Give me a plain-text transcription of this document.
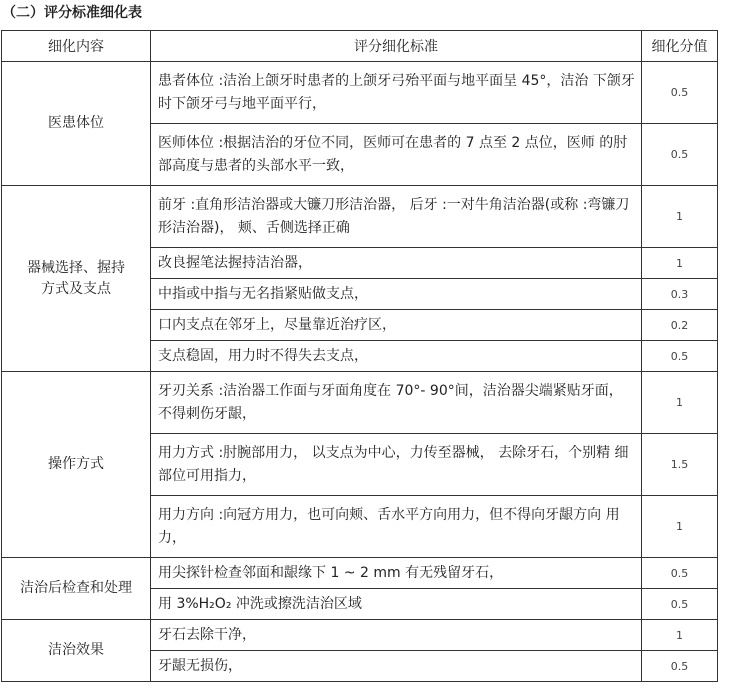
（二）评分标准细化表
细化内容	评分细化标准	细化分值
医患体位	患者体位 :洁治上颌牙时患者的上颌牙弓殆平面与地平面呈 45°，洁治 下颌牙时下颌牙弓与地平面平行，	0.5
	医师体位 :根据洁治的牙位不同，医师可在患者的 7 点至 2 点位，医师 的肘部高度与患者的头部水平一致，	0.5
器械选择、握持方式及支点	前牙 :直角形洁治器或大镰刀形洁治器， 后牙 :一对牛角洁治器(或称 :弯镰刀形洁治器)， 颊、舌侧选择正确	1
	改良握笔法握持洁治器，	1
	中指或中指与无名指紧贴做支点，	0.3
	口内支点在邻牙上，尽量靠近治疗区，	0.2
	支点稳固，用力时不得失去支点，	0.5
操作方式	牙刃关系 :洁治器工作面与牙面角度在 70°- 90°间，洁治器尖端紧贴牙面，不得刺伤牙龈，	1
	用力方式 :肘腕部用力， 以支点为中心，力传至器械， 去除牙石，个别精 细部位可用指力，	1.5
	用力方向 :向冠方用力，也可向颊、舌水平方向用力，但不得向牙龈方向 用力，	1
洁治后检查和处理	用尖探针检查邻面和龈缘下 1 ~ 2 mm 有无残留牙石，	0.5
	用 3%H₂O₂ 冲洗或擦洗洁治区域	0.5
洁治效果	牙石去除干净，	1
	牙龈无损伤，	0.5
